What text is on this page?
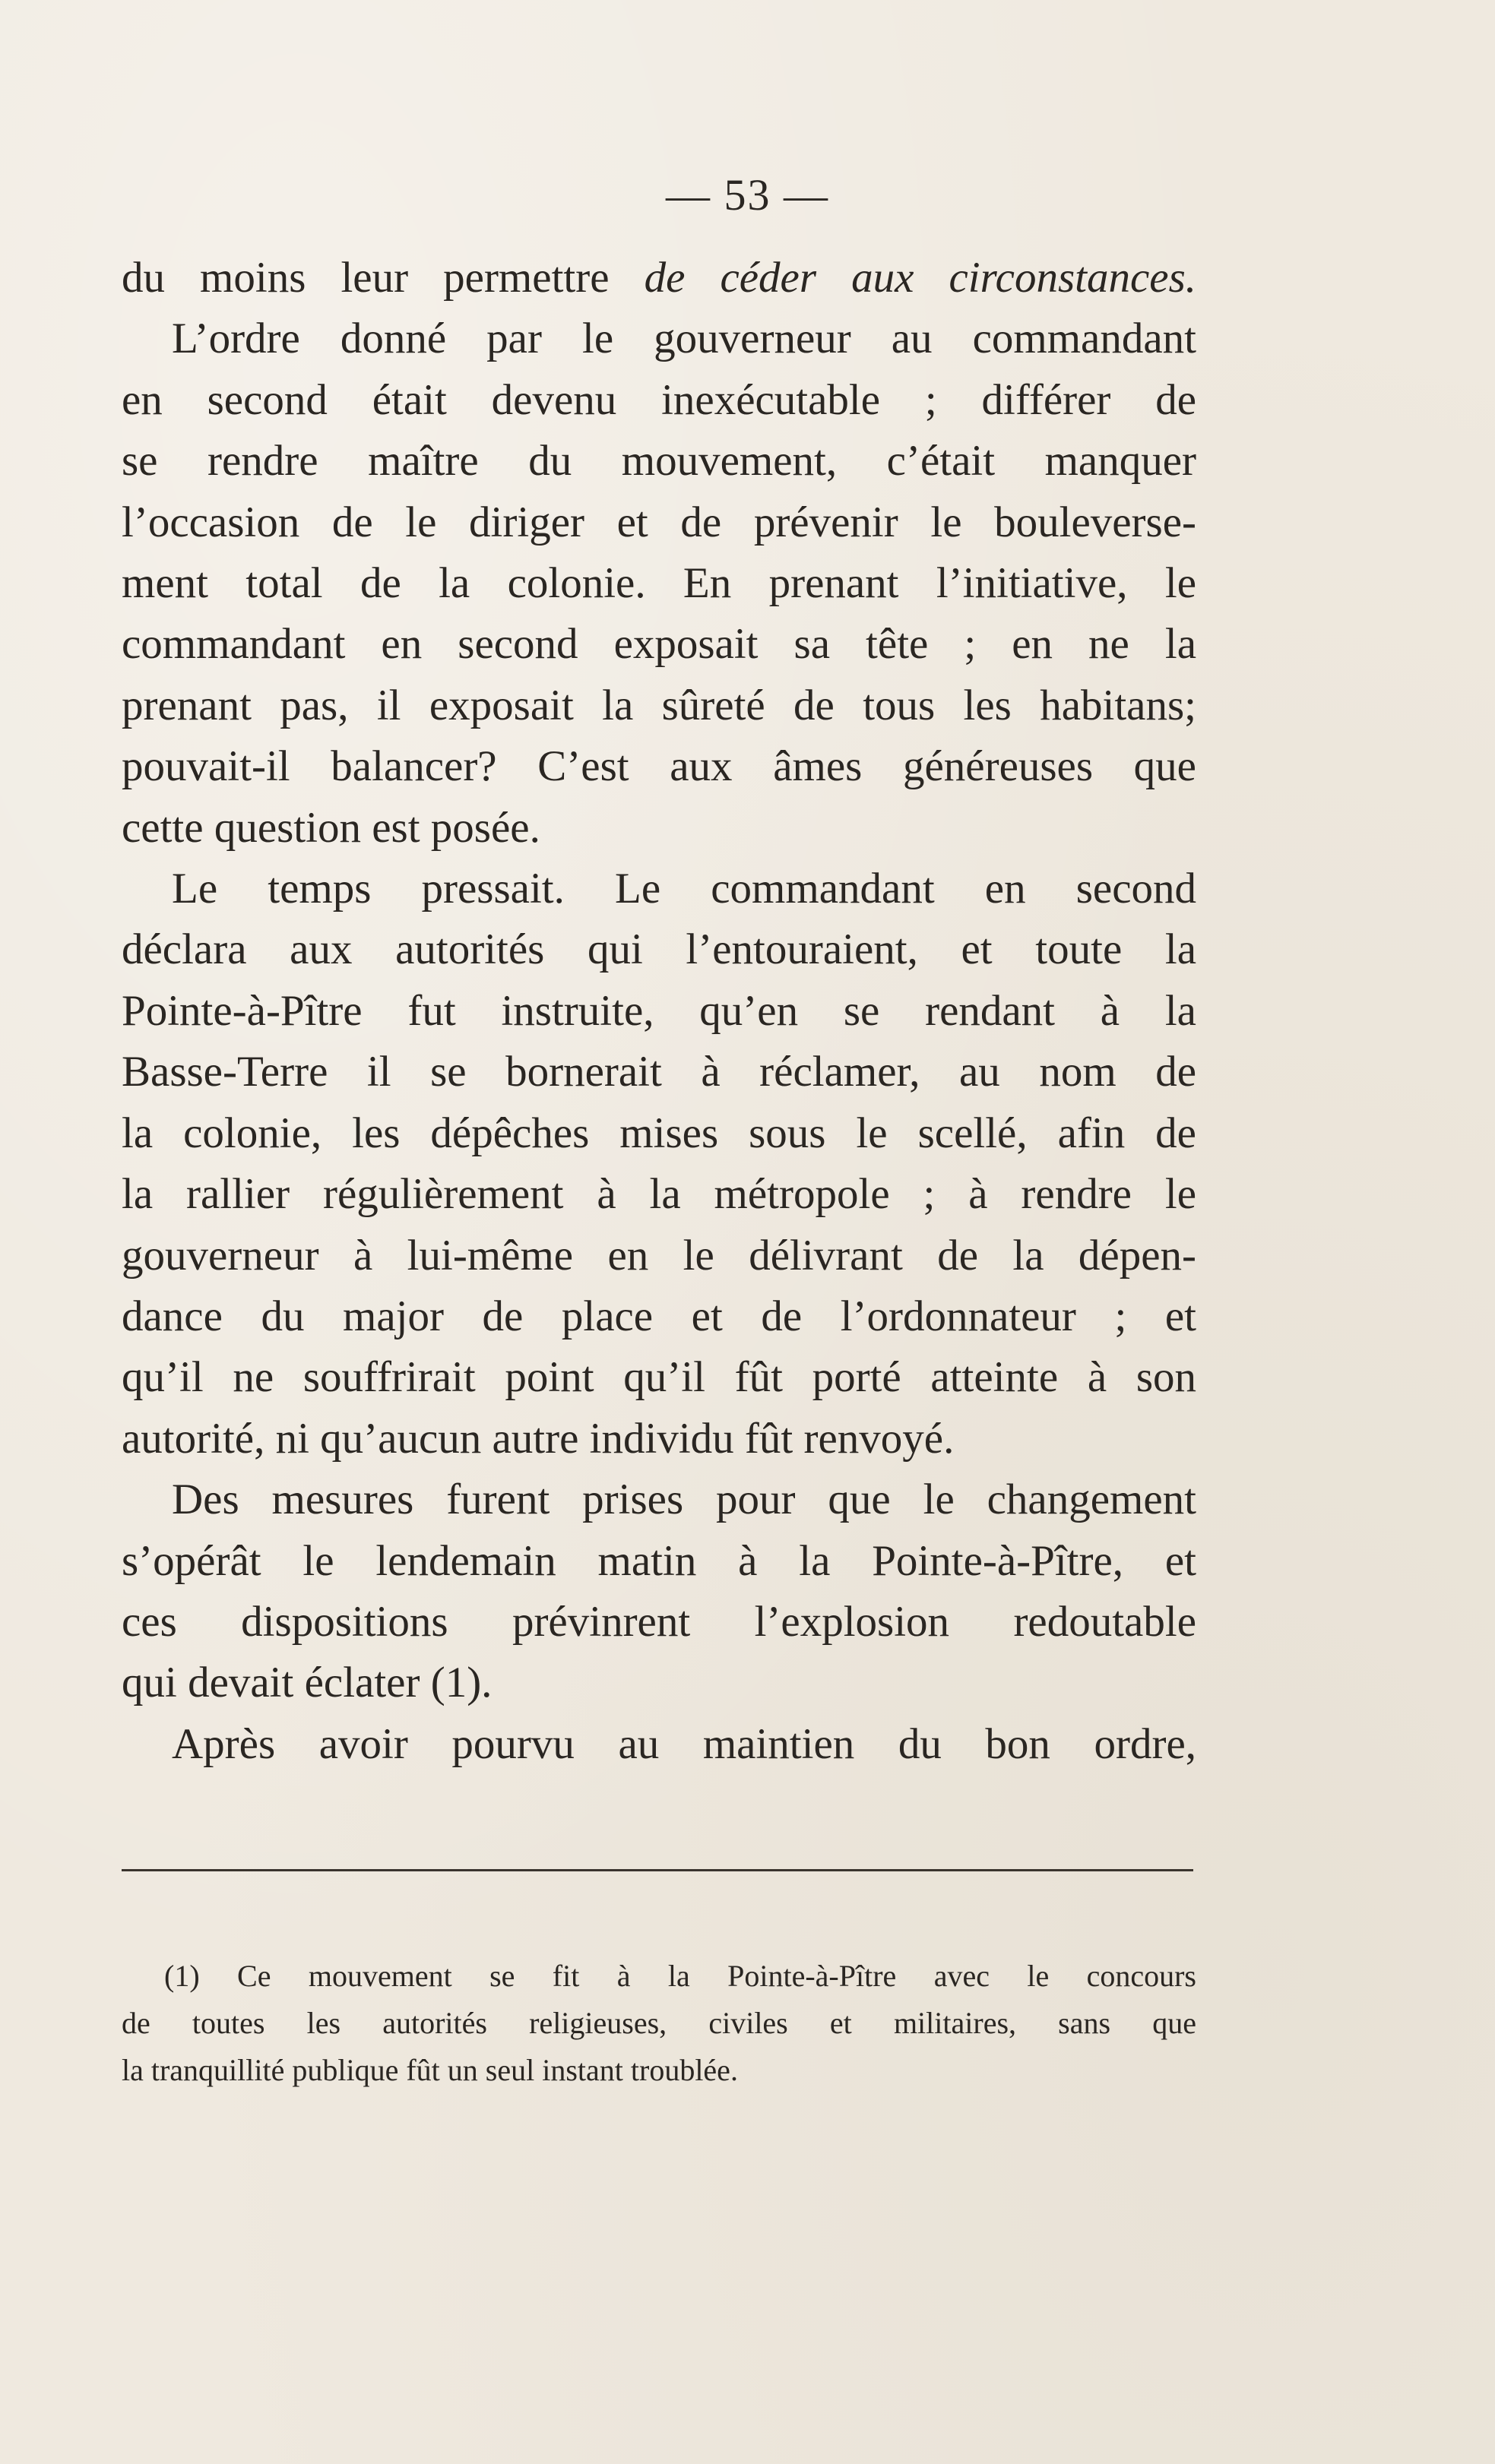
— 53 —
du moins leur permettre de céder aux circonstances.
L’ordre donné par le gouverneur au commandant
en second était devenu inexécutable ; différer de
se rendre maître du mouvement, c’était manquer
l’occasion de le diriger et de prévenir le bouleverse-
ment total de la colonie. En prenant l’initiative, le
commandant en second exposait sa tête ; en ne la
prenant pas, il exposait la sûreté de tous les habitans;
pouvait-il balancer? C’est aux âmes généreuses que
cette question est posée.
Le temps pressait. Le commandant en second
déclara aux autorités qui l’entouraient, et toute la
Pointe-à-Pître fut instruite, qu’en se rendant à la
Basse-Terre il se bornerait à réclamer, au nom de
la colonie, les dépêches mises sous le scellé, afin de
la rallier régulièrement à la métropole ; à rendre le
gouverneur à lui-même en le délivrant de la dépen-
dance du major de place et de l’ordonnateur ; et
qu’il ne souffrirait point qu’il fût porté atteinte à son
autorité, ni qu’aucun autre individu fût renvoyé.
Des mesures furent prises pour que le changement
s’opérât le lendemain matin à la Pointe-à-Pître, et
ces dispositions prévinrent l’explosion redoutable
qui devait éclater (1).
Après avoir pourvu au maintien du bon ordre,
(1) Ce mouvement se fit à la Pointe-à-Pître avec le concours
de toutes les autorités religieuses, civiles et militaires, sans que
la tranquillité publique fût un seul instant troublée.
